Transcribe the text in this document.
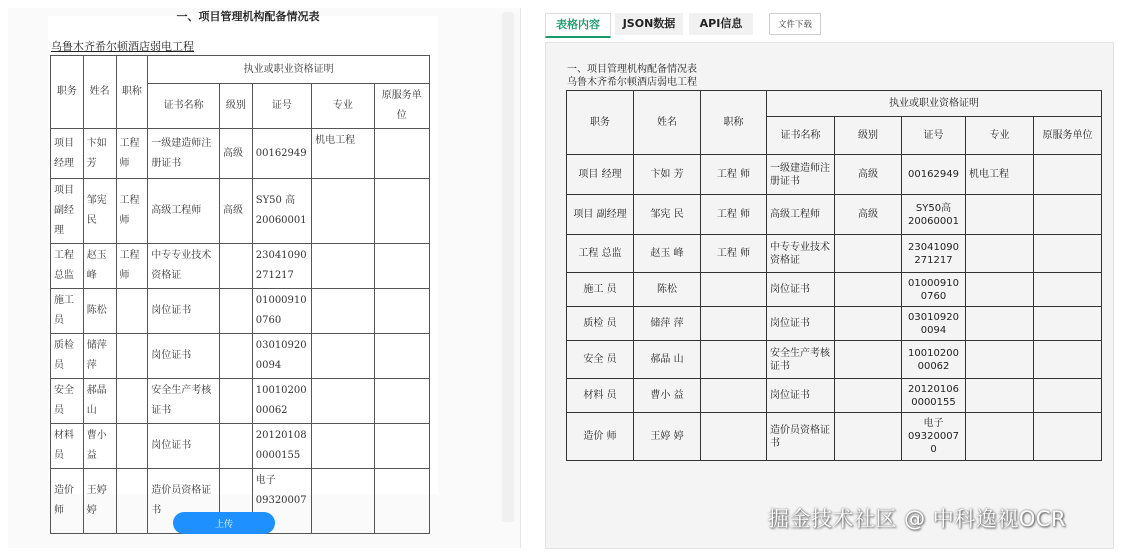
一、项目管理机构配备情况表
乌鲁木齐希尔顿酒店弱电工程
职务	姓名	职称	执业或职业资格证明				
			证书名称	级别	证号	专业	原服务单位
项目经理	卞如芳	工程师	一级建造师注册证书	高级	00162949	机电工程	
项目副经理	邹宪民	工程师	高级工程师	高级	SY50 高 20060001		
工程总监	赵玉峰	工程师	中专专业技术资格证		23041090 271217		
施工员	陈松		岗位证书		01000910 0760		
质检员	储萍萍		岗位证书		03010920 0094		
安全员	郝晶山		安全生产考核证书		10010200 00062		
材料员	曹小益		岗位证书		20120108 0000155		
造价师	王婷婷		造价员资格证书		电子 09320007		
上传
表格内容	JSON数据	API信息	文件下载
一、项目管理机构配备情况表
乌鲁木齐希尔顿酒店弱电工程
职务	姓名	职称	执业或职业资格证明				
			证书名称	级别	证号	专业	原服务单位
项目 经理	卞如 芳	工程 师	一级建造师注册证书	高级	00162949	机电工程	
项目 副经理	邹宪 民	工程 师	高级工程师	高级	SY50高 20060001		
工程 总监	赵玉 峰	工程 师	中专专业技术资格证		23041090 271217		
施工 员	陈松		岗位证书		01000910 0760		
质检 员	储萍 萍		岗位证书		03010920 0094		
安全 员	郝晶 山		安全生产考核证书		10010200 00062		
材料 员	曹小 益		岗位证书		20120106 0000155		
造价 师	王婷 婷		造价员资格证书		电子 09320007 0		
掘金技术社区 @ 中科逸视OCR
